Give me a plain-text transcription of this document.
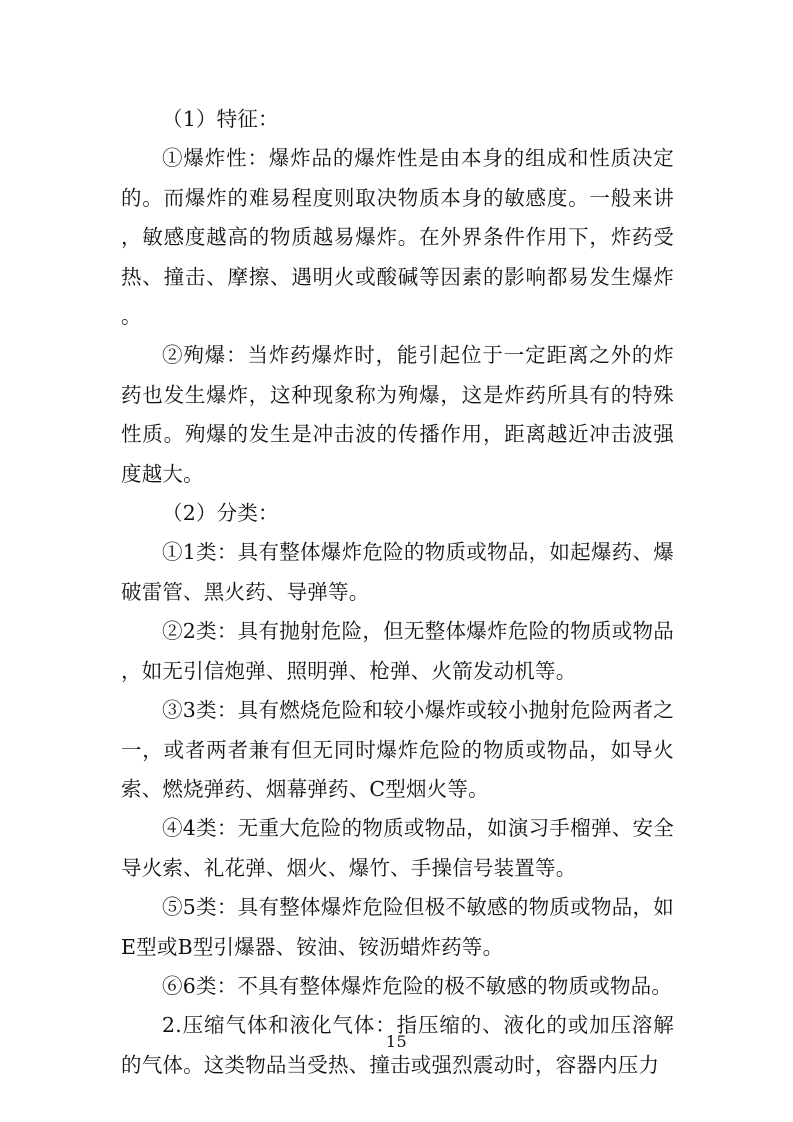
（1）特征：

①爆炸性：爆炸品的爆炸性是由本身的组成和性质决定的。而爆炸的难易程度则取决物质本身的敏感度。一般来讲，敏感度越高的物质越易爆炸。在外界条件作用下，炸药受热、撞击、摩擦、遇明火或酸碱等因素的影响都易发生爆炸。

②殉爆：当炸药爆炸时，能引起位于一定距离之外的炸药也发生爆炸，这种现象称为殉爆，这是炸药所具有的特殊性质。殉爆的发生是冲击波的传播作用，距离越近冲击波强度越大。

（2）分类：

①1类：具有整体爆炸危险的物质或物品，如起爆药、爆破雷管、黑火药、导弹等。

②2类：具有抛射危险，但无整体爆炸危险的物质或物品，如无引信炮弹、照明弹、枪弹、火箭发动机等。

③3类：具有燃烧危险和较小爆炸或较小抛射危险两者之一，或者两者兼有但无同时爆炸危险的物质或物品，如导火索、燃烧弹药、烟幕弹药、C型烟火等。

④4类：无重大危险的物质或物品，如演习手榴弹、安全导火索、礼花弹、烟火、爆竹、手操信号装置等。

⑤5类：具有整体爆炸危险但极不敏感的物质或物品，如E型或B型引爆器、铵油、铵沥蜡炸药等。

⑥6类：不具有整体爆炸危险的极不敏感的物质或物品。

2.压缩气体和液化气体：指压缩的、液化的或加压溶解的气体。这类物品当受热、撞击或强烈震动时，容器内压力

15
